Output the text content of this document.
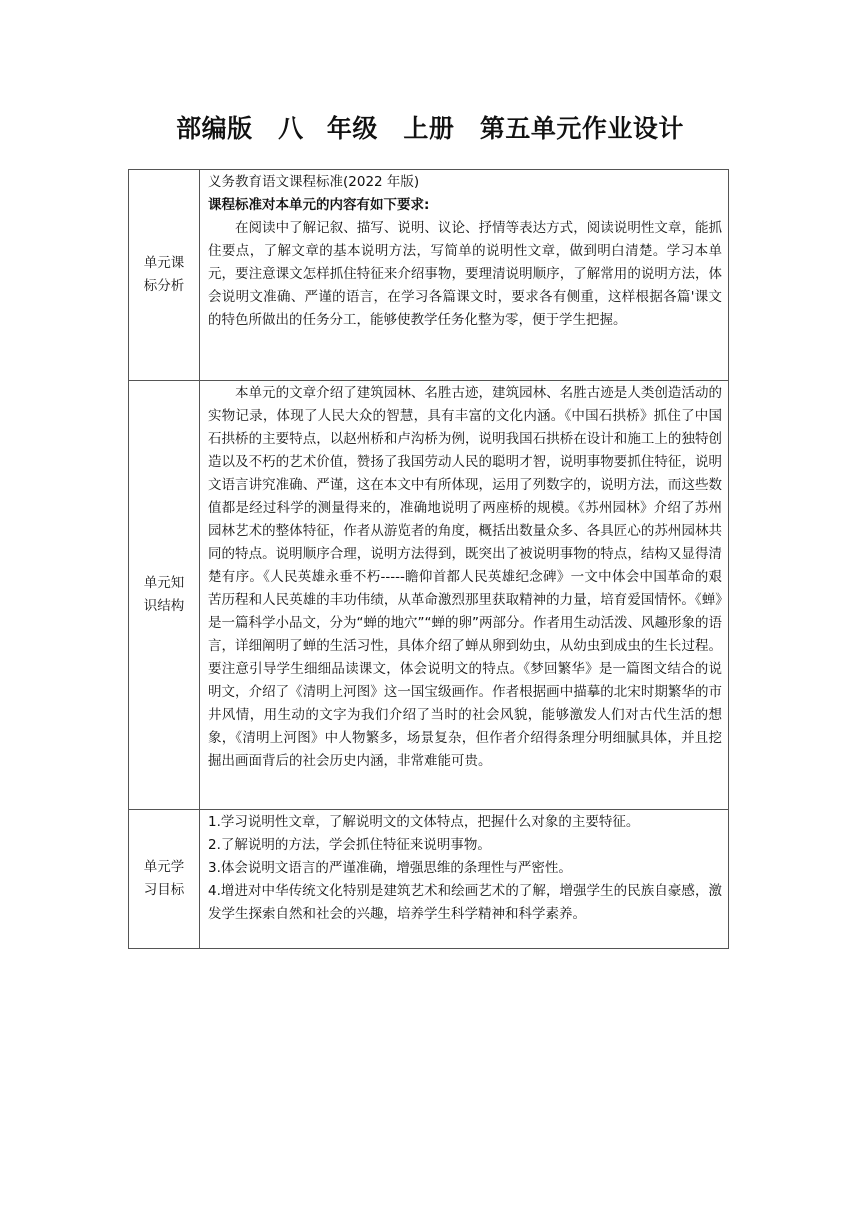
部编版　八 年级　上册　第五单元作业设计
单元课标分析	义务教育语文课程标准(2022 年版)
课程标准对本单元的内容有如下要求:

在阅读中了解记叙、描写、说明、议论、抒情等表达方式，阅读说明性文章，能抓住要点，了解文章的基本说明方法，写简单的说明性文章，做到明白清楚。学习本单元，要注意课文怎样抓住特征来介绍事物，要理清说明顺序，了解常用的说明方法，体会说明文准确、严谨的语言，在学习各篇课文时，要求各有侧重，这样根据各篇'课文的特色所做出的任务分工，能够使教学任务化整为零，便于学生把握。

单元知识结构	本单元的文章介绍了建筑园林、名胜古迹，建筑园林、名胜古迹是人类创造活动的实物记录，体现了人民大众的智慧，具有丰富的文化内涵。《中国石拱桥》抓住了中国石拱桥的主要特点，以赵州桥和卢沟桥为例，说明我国石拱桥在设计和施工上的独特创造以及不朽的艺术价值，赞扬了我国劳动人民的聪明才智，说明事物要抓住特征，说明文语言讲究准确、严谨，这在本文中有所体现，运用了列数字的，说明方法，而这些数值都是经过科学的测量得来的，准确地说明了两座桥的规模。《苏州园林》介绍了苏州园林艺术的整体特征，作者从游览者的角度，概括出数量众多、各具匠心的苏州园林共同的特点。说明顺序合理，说明方法得到，既突出了被说明事物的特点，结构又显得清楚有序。《人民英雄永垂不朽-----瞻仰首都人民英雄纪念碑》一文中体会中国革命的艰苦历程和人民英雄的丰功伟绩，从革命激烈那里获取精神的力量，培育爱国情怀。《蝉》是一篇科学小品文，分为“蝉的地穴”“蝉的卵”两部分。作者用生动活泼、风趣形象的语言，详细阐明了蝉的生活习性，具体介绍了蝉从卵到幼虫，从幼虫到成虫的生长过程。要注意引导学生细细品读课文，体会说明文的特点。《梦回繁华》是一篇图文结合的说明文，介绍了《清明上河图》这一国宝级画作。作者根据画中描摹的北宋时期繁华的市井风情，用生动的文字为我们介绍了当时的社会风貌，能够激发人们对古代生活的想象，《清明上河图》中人物繁多，场景复杂，但作者介绍得条理分明细腻具体，并且挖掘出画面背后的社会历史内涵，非常难能可贵。

单元学习目标	1.学习说明性文章，了解说明文的文体特点，把握什么对象的主要特征。

2.了解说明的方法，学会抓住特征来说明事物。

3.体会说明文语言的严谨准确，增强思维的条理性与严密性。

4.增进对中华传统文化特别是建筑艺术和绘画艺术的了解，增强学生的民族自豪感，激发学生探索自然和社会的兴趣，培养学生科学精神和科学素养。
